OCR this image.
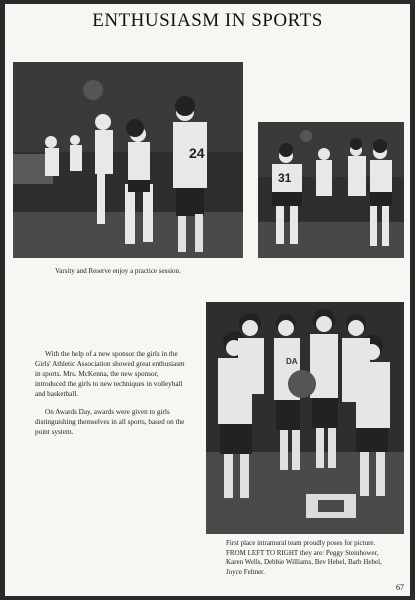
ENTHUSIASM IN SPORTS
24
31
Varsity and Reserve enjoy a practice session.
DA

With the help of a new sponsor the girls in the Girls' Athletic Association showed great enthusiasm in sports. Mrs. McKenna, the new sponsor, introduced the girls to new techniques in volleyball and basketball.

On Awards Day, awards were given to girls distinguishing themselves in all sports, based on the point system.

First place intramural team proudly poses for picture. FROM LEFT TO RIGHT they are: Peggy Steinhower, Karen Wells, Debbie Williams, Bev Hebel, Barb Hebel, Joyce Feltner.
67
